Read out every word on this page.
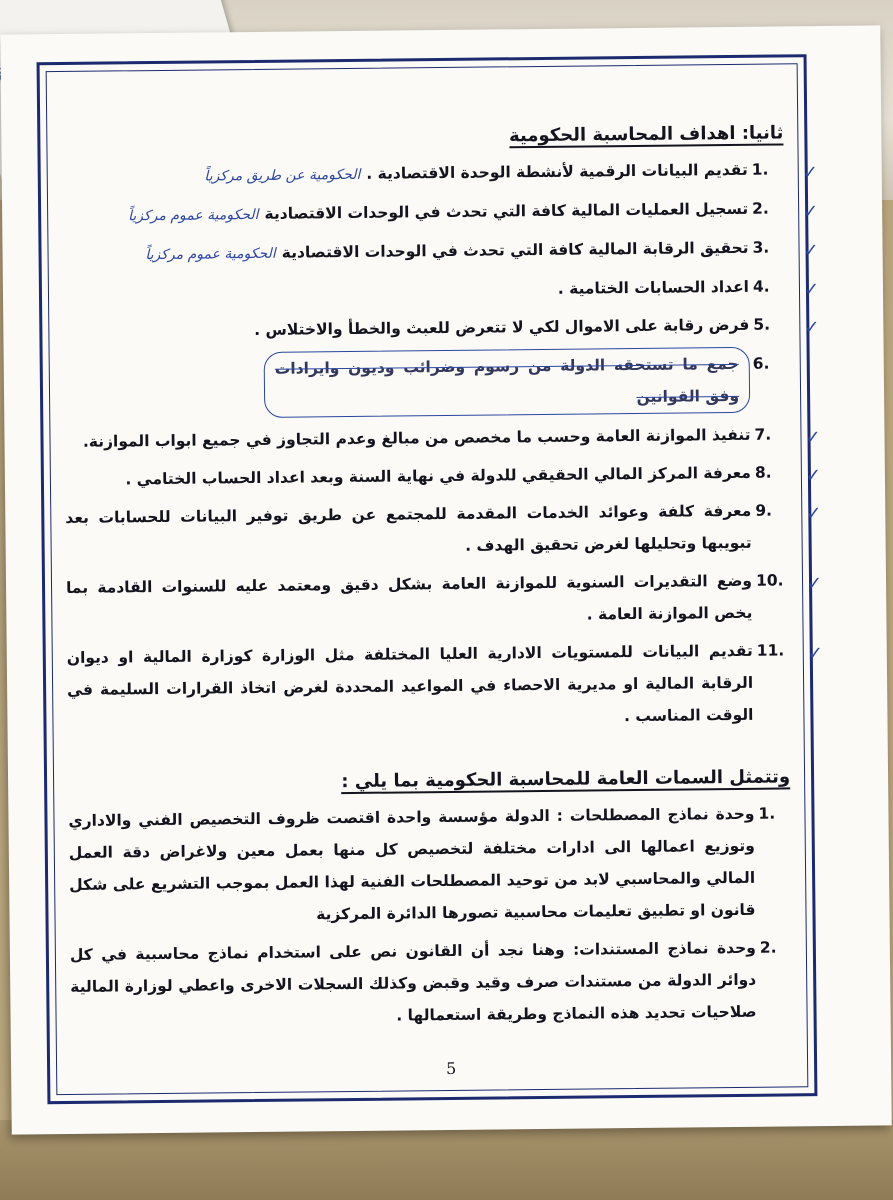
ثانيا: اهداف المحاسبة الحكومية
✓
.1
تقديم البيانات الرقمية لأنشطة الوحدة الاقتصادية .الحكومية عن طريق مركزياً
✓
.2
تسجيل العمليات المالية كافة التي تحدث في الوحدات الاقتصاديةالحكومية عموم مركزياً
✓
.3
تحقيق الرقابة المالية كافة التي تحدث في الوحدات الاقتصاديةالحكومية عموم مركزياً
✓
.4
اعداد الحسابات الختامية .
✓
.5
فرض رقابة على الاموال لكي لا تتعرض للعبث والخطأ والاختلاس .
.6
جمع ما تستحقه الدولة من رسوم وضرائب وديون وايرادات وفق القوانين
✓
.7
تنفيذ الموازنة العامة وحسب ما مخصص من مبالغ وعدم التجاوز في جميع ابواب الموازنة.
✓
.8
معرفة المركز المالي الحقيقي للدولة في نهاية السنة وبعد اعداد الحساب الختامي .
✓
.9
معرفة كلفة وعوائد الخدمات المقدمة للمجتمع عن طريق توفير البيانات للحسابات بعد تبويبها وتحليلها لغرض تحقيق الهدف .
✓
.10
وضع التقديرات السنوية للموازنة العامة بشكل دقيق ومعتمد عليه للسنوات القادمة بما يخص الموازنة العامة .
✓
.11
تقديم البيانات للمستويات الادارية العليا المختلفة مثل الوزارة كوزارة المالية او ديوان الرقابة المالية او مديرية الاحصاء في المواعيد المحددة لغرض اتخاذ القرارات السليمة في الوقت المناسب .
وتتمثل السمات العامة للمحاسبة الحكومية بما يلي :
.1
وحدة نماذج المصطلحات : الدولة مؤسسة واحدة اقتصت ظروف التخصيص الفني والاداري وتوزيع اعمالها الى ادارات مختلفة لتخصيص كل منها بعمل معين ولاغراض دقة العمل المالي والمحاسبي لابد من توحيد المصطلحات الفنية لهذا العمل بموجب التشريع على شكل قانون او تطبيق تعليمات محاسبية تصورها الدائرة المركزية
.2
وحدة نماذج المستندات: وهنا نجد أن القانون نص على استخدام نماذج محاسبية في كل دوائر الدولة من مستندات صرف وقيد وقبض وكذلك السجلات الاخرى واعطي لوزارة المالية صلاحيات تحديد هذه النماذج وطريقة استعمالها .
5
